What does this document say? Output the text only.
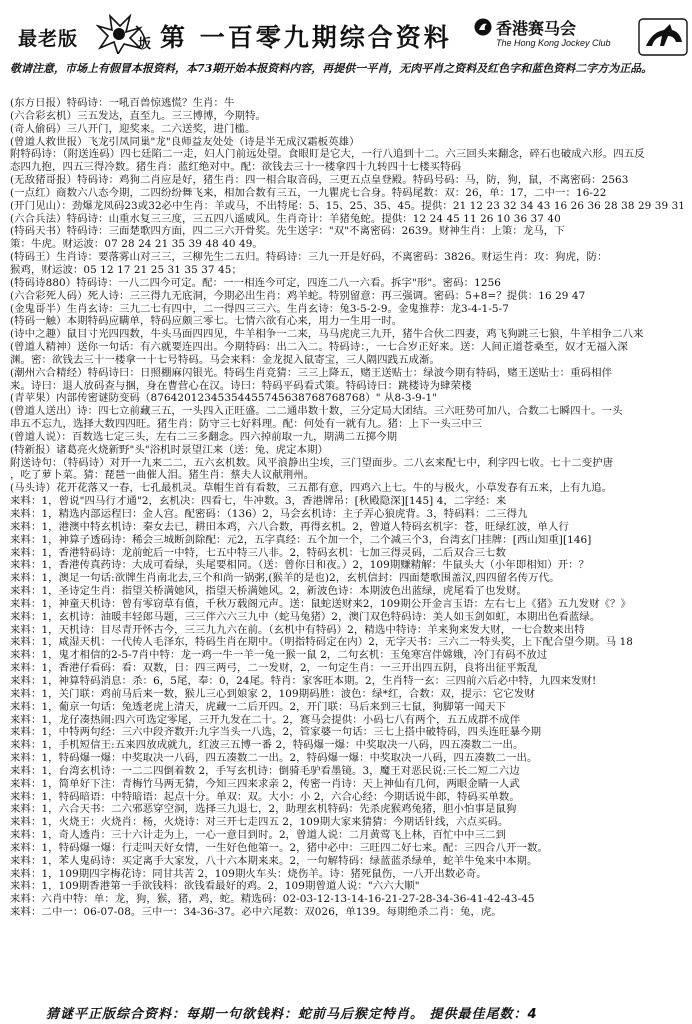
最老版	坂 第 一百零九期综合资料	香港赛马会
The Hong Kong Jockey Club
敬请注意，市场上有假冒本报资料，本73期开始本报资料内容，再提供一平肖，无肉平肖之资料及红色字和蓝色资料二字方为正品。
(东方日报）特码诗：一吼百兽惊逃慌？生肖：牛
(六合彩玄机）三五发达，直至九。三三博博，今期特。
(奇人偷码）三八开门，迎奖来。二六送奖，进门槛。
(曾道人救世报）飞龙引凤同巢"龙"良师益友处处（诗是半无成汉霜板英雄）
附特码诗：（附送连码）四七廷陷二一走，妇人门前远处望。食眼盯是它大，一行八追到十二。六三回头来翻念，碎石也破成六形。四五反
态四九抱，四五三得冷数。猪生肖：蓝红绝对中。配：欲钱去三十一楼拿四十九转四十七楼买特码
(无敌猪哥报）特码诗：鸡狗二肖应是好，猪生肖：四一相合取音码，三更五点皇登殿。特码号码：马，防，狗，鼠，不离密码：2563
(一点红）商数六八态今期，二四纷纷舞飞来，相加合数有三五，一九瞿虎七合身。特码尾数：双：26，单：17，二中一：16-22
(开门见山）：劲爆龙凤码23或32必中生肖：羊或马，不出特尾：5、15、25、35、45。提供：21 12 23 32 34 43 16 26 36 28 38 29 39 31
(六合兵法）特码诗：山重水复三三度，三五四八遥威风。生肖奇计：羊猪兔蛇。提供：12 24 45 11 26 10 36 37 40
(特码天书）特码诗：三面楚歌四方面，四二三六开骨奖。先生送字："双"不离密码：2639。财神生肖：上策：龙马，下
策：牛虎。财运波：07 28 24 21 35 39 48 40 49。
(特码王）生肖诗：要落雾山对三三，三柳先生二五归。特码诗：三九一开是好码，不离密码：3826。财运生肖：攻：狗虎，防：
猴鸡，财运波：05 12 17 21 25 31 35 37 45；
(特码诗880）特码诗：一八二四今可定。配：一一相连今可定，四连二八一六看。拆字"形"。密码：1256
(六合彩死人码）死人诗：三三得九无底洞，今期必出生肖：鸡羊蛇。特别留意：再三强调。密码：5+8=？提供：16 29 47
(金鬼哥半）生肖玄诗：三九二七有四中，二一得四三三六。生肖玄诗：兔3-5-2-9。金鬼推荐：龙3-4-1-5-7
(特码一触）本期特码应瞒单，特码应颇三零七。七情六欲有心来，用力一生用一时。
(诗中之趣）鼠目寸光四四数，牛头马面四四见，牛羊相争一二来，马马虎虎三九开，猪牛合伙二四妻，鸡飞狗跳三七狼，牛羊相争二八来
(曾道人精神）送你一句话：有六就要连四出。今期特码：出二入二。特码诗：，一七合岁正好来。送：人间正道苍桑至，奴才无福入深
渊。密：欲钱去三十一楼拿一十七号特码。马会来料：金龙捉入鼠寄宝，三人隔四践五成渐。
(潮州六合精经）特码诗曰：日照棚麻闪银光。特码生肖竞猜：三三上降五，赌王送贴士：绿波今期有特码，赌王送贴士：重码相伴
来。诗曰：退人放码查与捆，身在曹营心在汉。诗曰：特码平码看式策。特码诗曰：跳楼诗为肆荣楼
(青苹果）内部传密谜防变码（87642012345354455745638768768768）" 从8-3-9-1"
(曾道人送出）诗：四七立前藏三五，一头四入正旺盛。二二通串数十数，三分定局大团结。三六旺势可加八，合数二七瞬四十。一头
串五不忘九，选择大数四四旺。猪生肖：防守三七好料理。配：何处有一就有九。猪：上下一头三中三
(曾道人说）：百数选七定三头，左右二三多翻念。四六掉前取一九，期满二五掷今期
(特新报）诸葛亮火烧新野"头"浴机时景望江来（送：兔、虎定本期）
附送诗句：（特码诗）对开一九来二二，五六玄机数。风平浪静出尘埃，三门望面步。二八玄来配七中，利字四七收。七十二变护唐
，吃了萝卜菜。猜：琵琶一曲催人泪。猪生肖：蔡夫人议献荆州。
(马头诗）花开花落又一春，七孔最机灵。草帽生首有看数，三五都有意，四鸡六上七。牛的与极火，小草发春有五来，上有九追。
来料：1，曾说"四马行才通"2，玄机决：四看七，牛冲数。3，香港牌吊：[秋殿隐深][145] 4，二字经：来
来料：1，精选内部运程曰：金人宫。配密码：（136）2，马会玄机诗：主子弄心狼虎背。3，特码料：二三得九
来料：1，港澳中特玄机诗：秦女去已，耕田本鸡，六八合数，再得玄机。2，曾道人特码玄机字：苍，旺绿红波，单人行
来料：1，神算子透码诗：稀会三城断剑除配：元2，五字真经：五个加一个，二个减三个3，台湾玄门挂牌：[西山知重][146]
来料：1，香港特码诗：龙前蛇后一中特，七五中特三八非。2，特码玄机：七加三得灵码，二后双合三七数
来料：1，香港传真药诗：大成可看绿，头尾要相同。（送：曾你日和夜。）2，109期赚精解：牛鼠头大（小年即相知）开：？
来料：1，澳足一句话:欲牌生肖南北去,三个和尚一锅粥,(猴羊的是也)2，玄机信封：四面楚歌围盖汉,四四留名传万代。
来料：1，圣诗定生肖：指望关桥满她风，指望天桥满她风。2，新波色诗：本期波色出蓝绿，虎尾看了也发财。
来料：1，神童天机诗：曾有零窃草有值，千秋万载阁元声。送：鼠蛇送财来2，109期公开金言玉语：左右七上《猪》五九发财《？》
来料：1，玄机诗：油暖丰轻郎马题，三三伴六六三九中（蛇马兔猪）2，澳门双色特码诗：美人如玉剑如虹，本期出色看蓝绿。
来料：1，天机诗：目尽青开怀古今，三三九九六在前。（玄机中有特码）2，精选中特诗：羊来狗来发大财，一七合数来出特
来料：1，咸湿天机：一代传人毛泽东，特码生肖在期中。（明指特码定在内）2，无字天书：三六二一特头奖，上下配合望今期。马 18
来料：1，鬼才相信的2-5-7肖中特：龙一鸡一牛一羊一兔一猴一鼠 2，二句玄机：玉兔寒宫伴嫦娥，冷门有码不放过
来料：1，香港仔看码：看：双数，日：四三两弓，二一发财，2，一句定生肖：一三开出四五阴，良将出征平叛乱
来料：1，神算特码消息：杀：6，5尾，奉：0，24尾。特肖：家客旺本期。2，生肖特一玄：三四前六后必中特，九四来发财!
来料：1，关门联：鸡前马后来一数，猴儿三心到娘家 2，109期码胜：波色：绿*红，合数：双，提示：它它发财
来料：1，葡京一句话：兔透老虎上清天，虎藏一二后开四。2，开门联：马后来到三七鼠，狗脚第一闻天下
来料：1，龙仔凑热闹:四六可选定零尾，三开九发在二十。2，赛马会提供：小码七八有两个，五五成群不成伴
来料：1，中特两句经：三六中段齐数开:九字当头一八选，2，管家婆一句话：三七上搭中破特码，四头连旺暴今期
来料：1，手机短信王:五来四放成就九，红波三五博一番 2，特码爆一爆：中奖取决一八码，四五凑数二一出。
来料：1，特码爆一爆：中奖取决一八码，四五凑数二一出。2，特码爆一爆：中奖取决一八码，四五凑数二一出。
来料：1，台湾玄机诗：一二二四倒着数 2，手写玄机诗：倒骑毛驴看墨镜。3，魔王对恶民说:三长二短二六边
来料：1，简单好下注：青梅竹马两无猜，今知三四来求亲 2，传密一肖诗：天上神仙有几何，两眼金睛一人武
来料：1，特码暗语：中特暗语：起点十分。单双：双。大小：小 2，六合心经：今期话说牛郎，特码买单数。
来料：1，六合天书：二六邪恶穿空洞，选择三九退七，2，助理玄机特码：先杀虎猴鸡兔猪，胆小怕事是鼠狗
来料：1，火烧王：火烧肖：杨，火烧诗：对三开七走四五 2，109期大家来猜猜：今期话针线，六点买码。
来料：1，奇人透肖：三十六计走为上，一心一意目到时。2，曾道人说：二月黄莺飞上林，百忙中中三二到
来料：1，特码爆一爆：行走叫天好女情，一生好色他第一。2，猪中必中：三旺四二好七来。配：三四合八开一数。
来料：1，苯人鬼码诗：买定离手大家发，八十六本期来来。2，一句解特码：绿蓝蓝杀绿单，蛇羊牛兔来中本期。
来料：1，109期四字梅花诗：同甘共苦 2，109期火车头：烧伤羊。诗：猪死鼠伤，一八开出数必奇。
来料：1，109期香港第一手欲钱料：欲钱看最好的鸡。2，109期曾道人说："六六大顺"
来料：六肖中特：单：龙，狗，猴，猪，鸡，蛇。精选码：02-03-12-13-14-16-21-27-28-34-36-41-42-43-45
来料：二中一：06-07-08。三中一：34-36-37。必中六尾数：双026，单139。每期绝杀二肖：兔，虎。
猜谜平正版综合资料：每期一句欲钱料：蛇前马后猴定特肖。 提供最佳尾数：4
